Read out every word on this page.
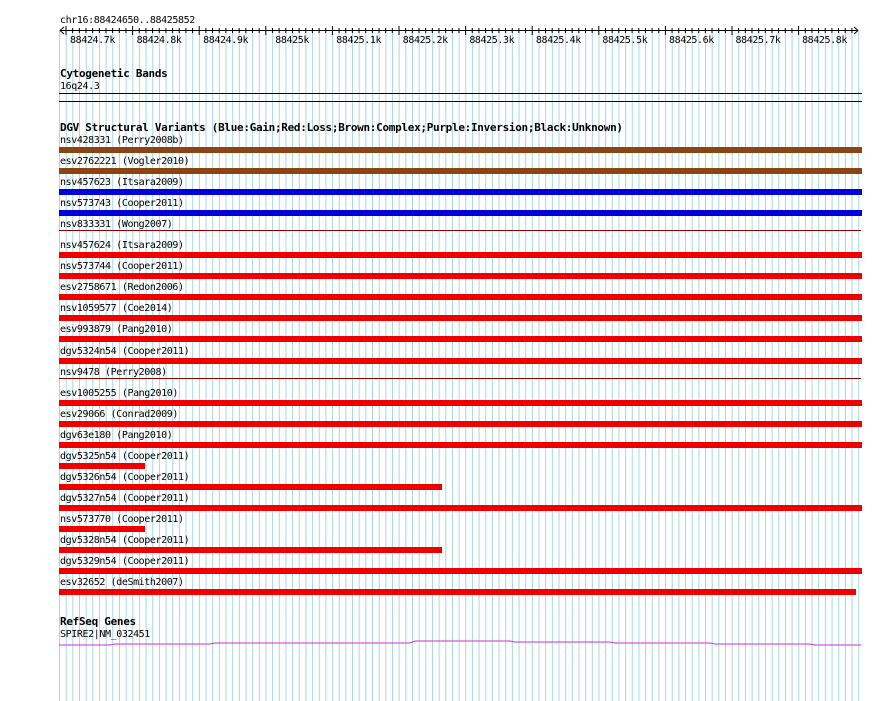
chr16:88424650..88425852
88424.7k 88424.8k 88424.9k	88425k	88425.1k 88425.2k 88425.3k 88425.4k 88425.5k 88425.6k 88425.7k 88425.8k
Cytogenetic Bands
16q24.3
DGV Structural Variants (Blue:Gain;Red:Loss;Brown:Complex;Purple:Inversion;Black:Unknown)
nsv428331 (Perry2008b)
esv2762221 (Vogler2010)
nsv457623 (Itsara2009)
nsv573743 (Cooper2011)
nsv833331 (Wong2007)
nsv457624 (Itsara2009)
nsv573744 (Cooper2011)
esv2758671 (Redon2006)
nsv1059577 (Coe2014)
esv993879 (Pang2010)
dgv5324n54 (Cooper2011)
nsv9478 (Perry2008)
esv1005255 (Pang2010)
esv29066 (Conrad2009)
dgv63e180 (Pang2010)
dgv5325n54 (Cooper2011)
dgv5326n54 (Cooper2011)
dgv5327n54 (Cooper2011)
nsv573770 (Cooper2011)
dgv5328n54 (Cooper2011)
dgv5329n54 (Cooper2011)
esv32652 (deSmith2007)
RefSeq Genes
SPIRE2|NM_032451
